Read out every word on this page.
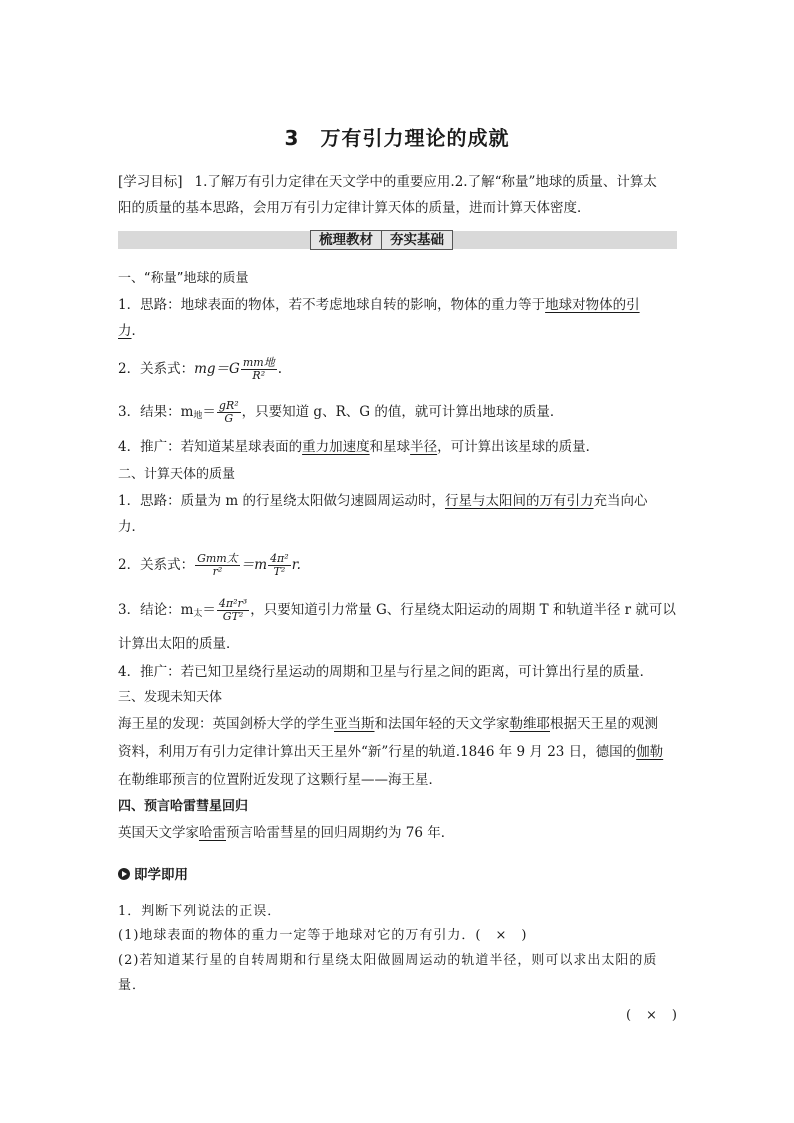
3　万有引力理论的成就
[学习目标] 1.了解万有引力定律在天文学中的重要应用.2.了解“称量”地球的质量、计算太
阳的质量的基本思路，会用万有引力定律计算天体的质量，进而计算天体密度．
梳理教材	夯实基础
一、“称量”地球的质量
1．思路：地球表面的物体，若不考虑地球自转的影响，物体的重力等于地球对物体的引
力．
2．关系式：$mg=G \frac{\text{mm地}}{\text{R²}}$ .
3．结果：$m_地= \frac{\text{gR²}}{G}$ ，只要知道 g、R、G 的值，就可计算出地球的质量．
4．推广：若知道某星球表面的重力加速度和星球半径，可计算出该星球的质量．
二、计算天体的质量
1．思路：质量为 m 的行星绕太阳做匀速圆周运动时，行星与太阳间的万有引力充当向心
力．
2．关系式： $\frac{\text{Gmm太}}{\text{r²}} =m \frac{\text{4π²}}{\text{T²}} r$.
3．结论：$m_太= \frac{\text{4π²r³}}{\text{GT²}}$ ，只要知道引力常量 G、行星绕太阳运动的周期 T 和轨道半径 r 就可以
计算出太阳的质量．
4．推广：若已知卫星绕行星运动的周期和卫星与行星之间的距离，可计算出行星的质量．
三、发现未知天体
海王星的发现：英国剑桥大学的学生亚当斯和法国年轻的天文学家勒维耶根据天王星的观测
资料，利用万有引力定律计算出天王星外“新”行星的轨道.1846 年 9 月 23 日，德国的伽勒
在勒维耶预言的位置附近发现了这颗行星——海王星．
四、预言哈雷彗星回归
英国天文学家哈雷预言哈雷彗星的回归周期约为 76 年．
即学即用
1．判断下列说法的正误．
(1)地球表面的物体的重力一定等于地球对它的万有引力．(　×　)
(2)若知道某行星的自转周期和行星绕太阳做圆周运动的轨道半径，则可以求出太阳的质
量．
(　×　)
